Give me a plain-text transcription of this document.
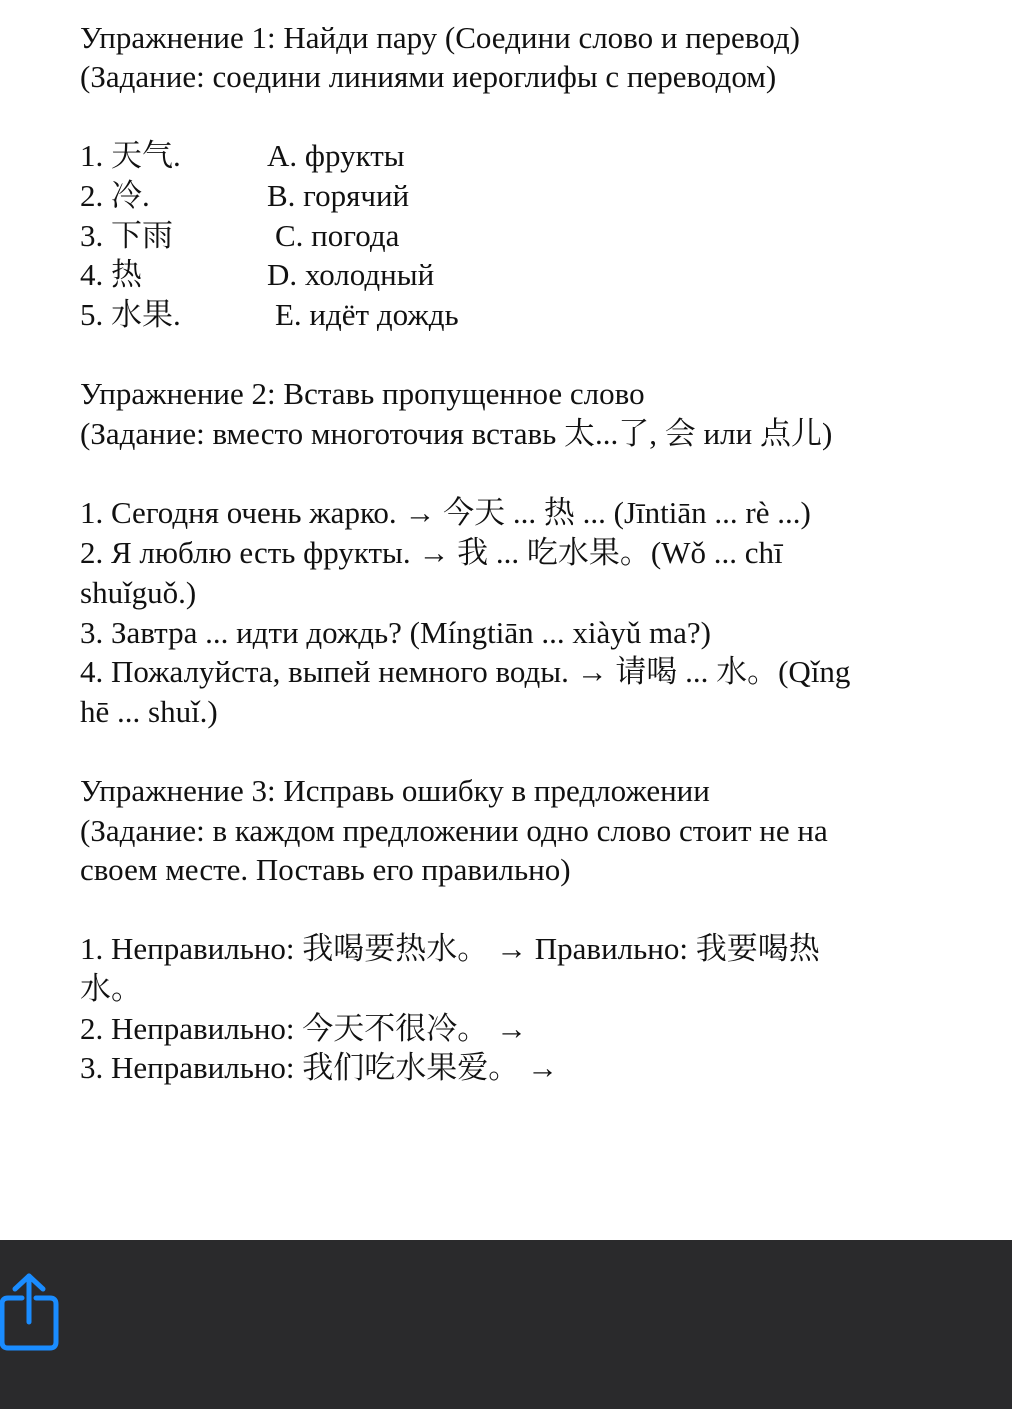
Упражнение 1: Найди пару (Соедини слово и перевод)

(Задание: соедини линиями иероглифы с переводом)

1. 天气.	A. фрукты

2. 冷.	B. горячий

3. 下雨	C. погода

4. 热	D. холодный

5. 水果.	E. идёт дождь

Упражнение 2: Вставь пропущенное слово

(Задание: вместо многоточия вставь 太...了, 会 или 点儿)

1. Сегодня очень жарко. → 今天 ... 热 ... (Jīntiān ... rè ...)

2. Я люблю есть фрукты. → 我 ... 吃水果。(Wǒ ... chī

shuǐguǒ.)

3. Завтра ... идти дождь? (Míngtiān ... xiàyǔ ma?)

4. Пожалуйста, выпей немного воды. → 请喝 ... 水。(Qǐng

hē ... shuǐ.)

Упражнение 3: Исправь ошибку в предложении

(Задание: в каждом предложении одно слово стоит не на

своем месте. Поставь его правильно)

1. Неправильно: 我喝要热水。 → Правильно: 我要喝热

水。

2. Неправильно: 今天不很冷。 →

3. Неправильно: 我们吃水果爱。 →
